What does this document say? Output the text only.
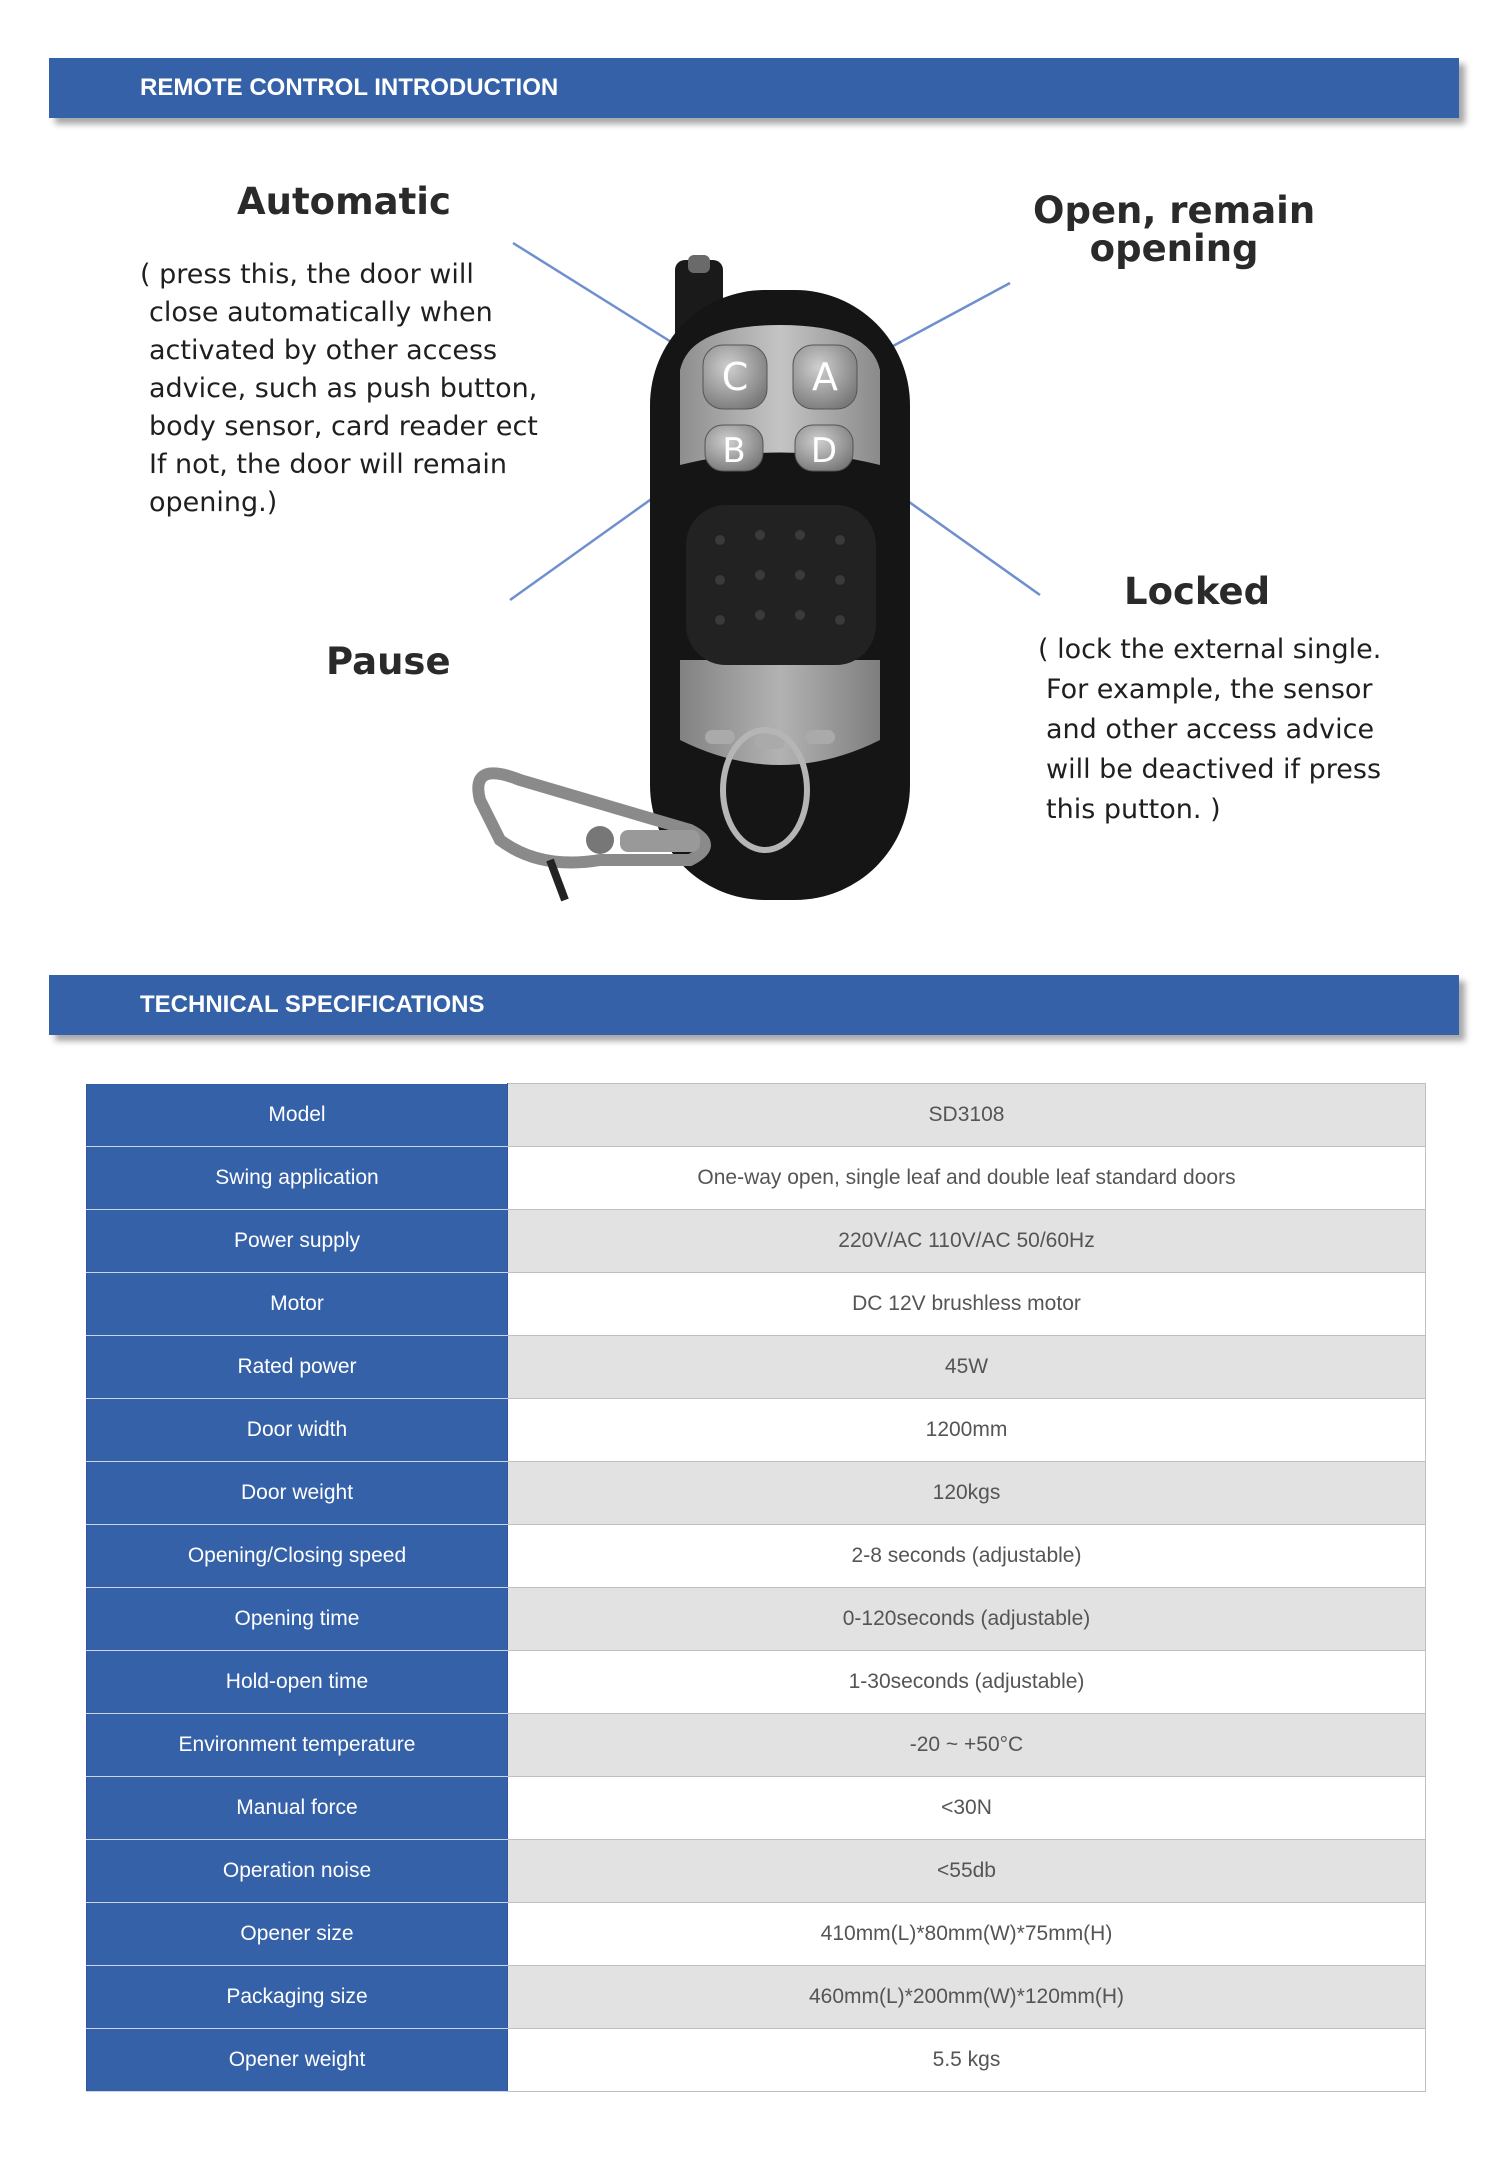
REMOTE CONTROL INTRODUCTION
C A
B D
Automatic
( press this, the door will
close automatically when
activated by other access
advice, such as push button,
body sensor, card reader ect
If not, the door will remain
opening.)
Open, remain
opening
Locked
( lock the external single.
For example, the sensor
and other access advice
will be deactived if press
this putton. )
Pause
TECHNICAL SPECIFICATIONS
Model	SD3108
Swing application	One-way open, single leaf and double leaf standard doors
Power supply	220V/AC 110V/AC 50/60Hz
Motor	DC 12V brushless motor
Rated power	45W
Door width	1200mm
Door weight	120kgs
Opening/Closing speed	2-8 seconds (adjustable)
Opening time	0-120seconds (adjustable)
Hold-open time	1-30seconds (adjustable)
Environment temperature	-20 ~ +50°C
Manual force	<30N
Operation noise	<55db
Opener size	410mm(L)*80mm(W)*75mm(H)
Packaging size	460mm(L)*200mm(W)*120mm(H)
Opener weight	5.5 kgs
